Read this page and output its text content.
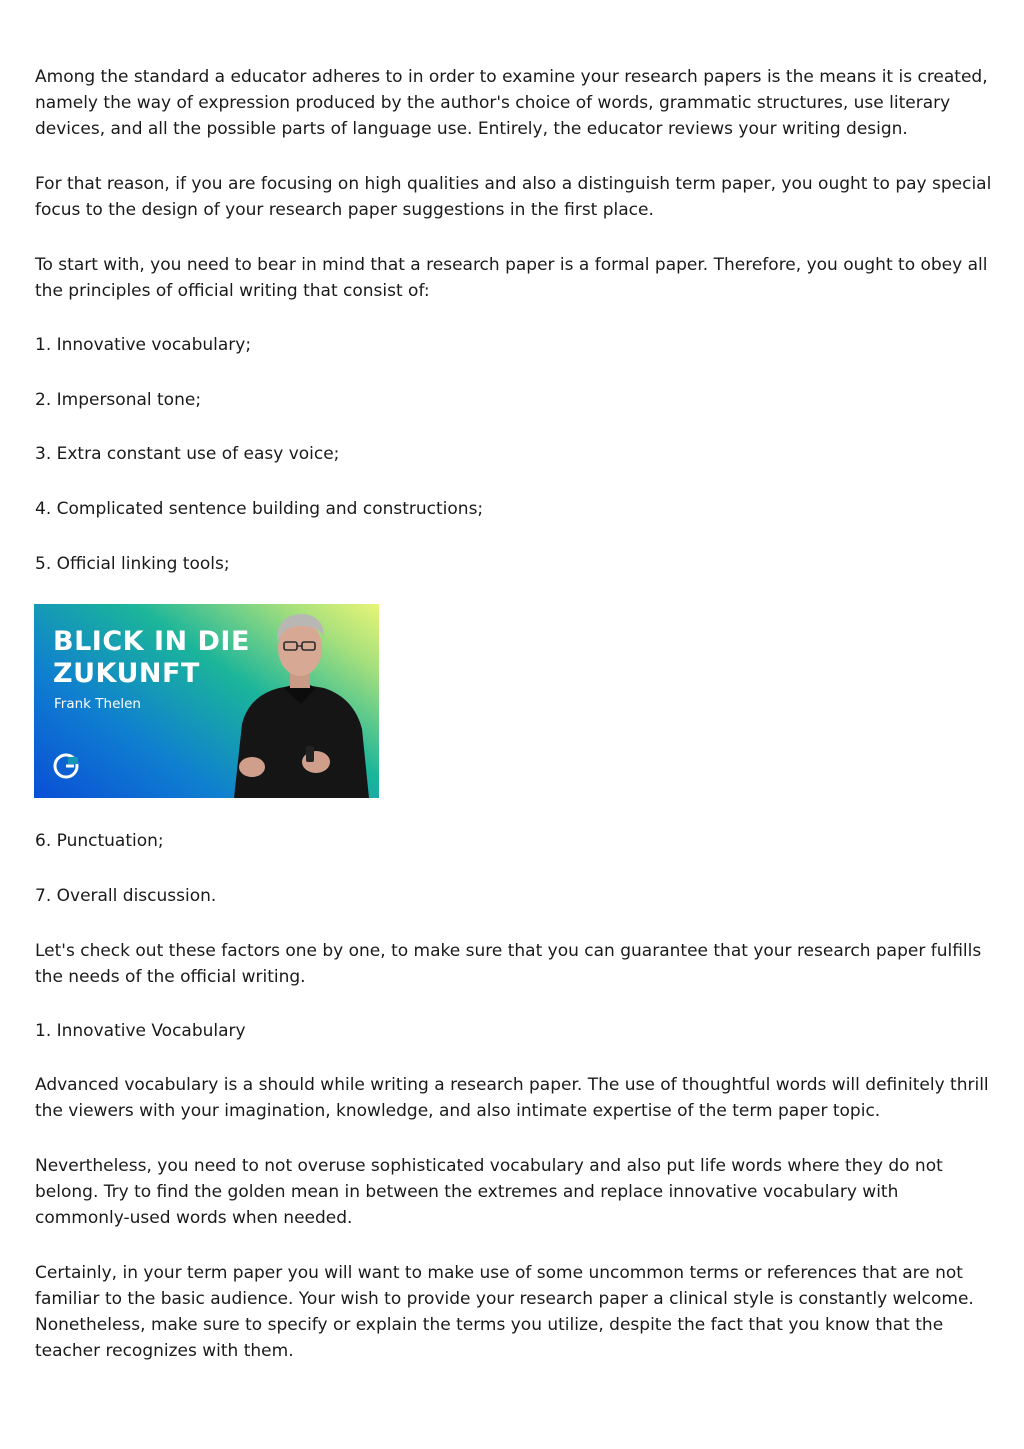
Among the standard a educator adheres to in order to examine your research papers is the means it is created, namely the way of expression produced by the author's choice of words, grammatic structures, use literary devices, and all the possible parts of language use. Entirely, the educator reviews your writing design.

For that reason, if you are focusing on high qualities and also a distinguish term paper, you ought to pay special focus to the design of your research paper suggestions in the first place.

To start with, you need to bear in mind that a research paper is a formal paper. Therefore, you ought to obey all the principles of official writing that consist of:

1. Innovative vocabulary;

2. Impersonal tone;

3. Extra constant use of easy voice;

4. Complicated sentence building and constructions;

5. Official linking tools;

BLICK IN DIE
ZUKUNFT
Frank Thelen

6. Punctuation;

7. Overall discussion.

Let's check out these factors one by one, to make sure that you can guarantee that your research paper fulfills the needs of the official writing.

1. Innovative Vocabulary

Advanced vocabulary is a should while writing a research paper. The use of thoughtful words will definitely thrill the viewers with your imagination, knowledge, and also intimate expertise of the term paper topic.

Nevertheless, you need to not overuse sophisticated vocabulary and also put life words where they do not belong. Try to find the golden mean in between the extremes and replace innovative vocabulary with commonly-used words when needed.

Certainly, in your term paper you will want to make use of some uncommon terms or references that are not familiar to the basic audience. Your wish to provide your research paper a clinical style is constantly welcome. Nonetheless, make sure to specify or explain the terms you utilize, despite the fact that you know that the teacher recognizes with them.
